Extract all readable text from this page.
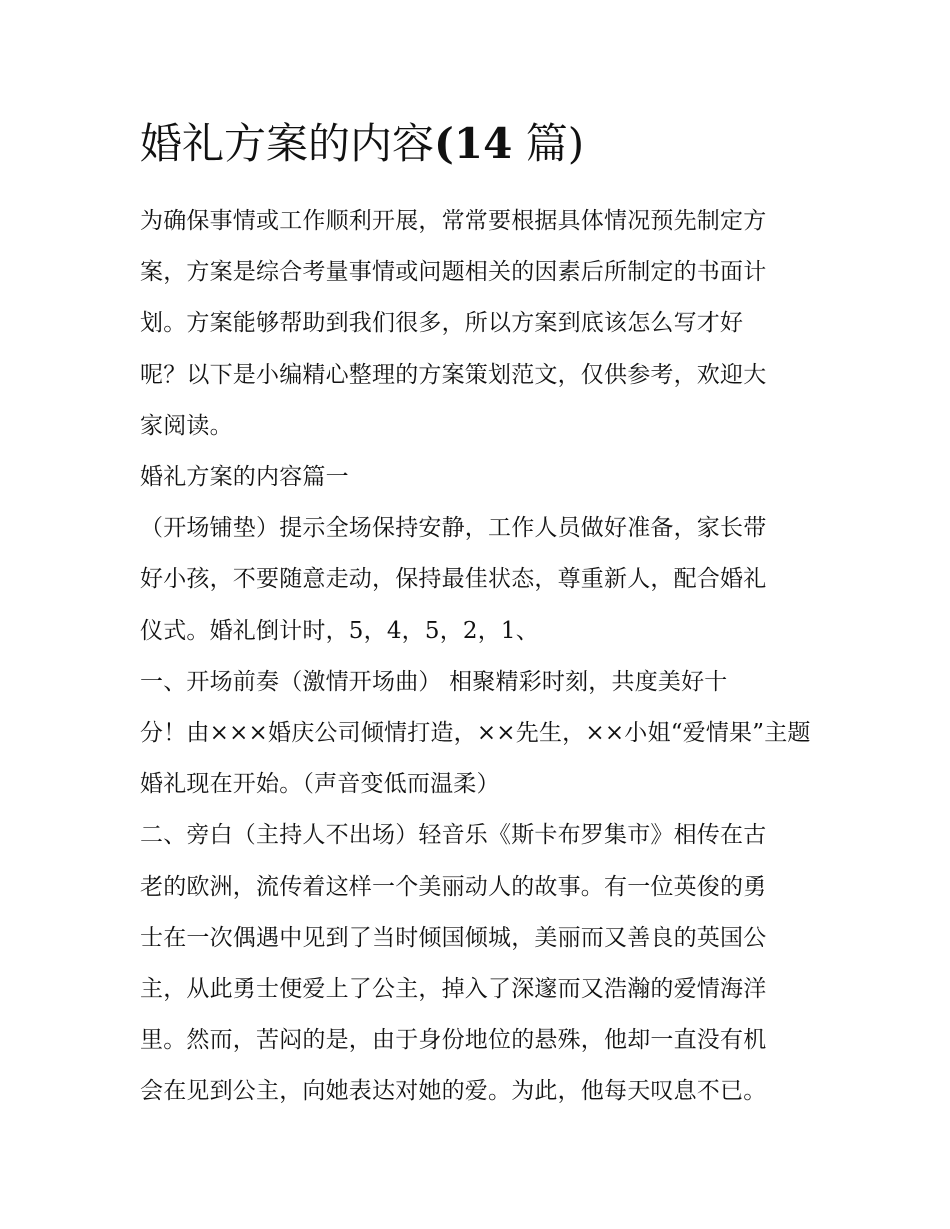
婚礼方案的内容(14 篇)

为确保事情或工作顺利开展，常常要根据具体情况预先制定方
案，方案是综合考量事情或问题相关的因素后所制定的书面计
划。方案能够帮助到我们很多，所以方案到底该怎么写才好
呢？以下是小编精心整理的方案策划范文，仅供参考，欢迎大
家阅读。

婚礼方案的内容篇一

（开场铺垫）提示全场保持安静，工作人员做好准备，家长带
好小孩，不要随意走动，保持最佳状态，尊重新人，配合婚礼
仪式。婚礼倒计时，5，4，5，2，1、
一、开场前奏（激情开场曲） 相聚精彩时刻，共度美好十
分！由×××婚庆公司倾情打造，××先生，××小姐“爱情果”主题
婚礼现在开始。（声音变低而温柔）
二、旁白（主持人不出场）轻音乐《斯卡布罗集市》相传在古
老的欧洲，流传着这样一个美丽动人的故事。有一位英俊的勇
士在一次偶遇中见到了当时倾国倾城，美丽而又善良的英国公
主，从此勇士便爱上了公主，掉入了深邃而又浩瀚的爱情海洋
里。然而，苦闷的是，由于身份地位的悬殊，他却一直没有机
会在见到公主，向她表达对她的爱。为此，他每天叹息不已。
